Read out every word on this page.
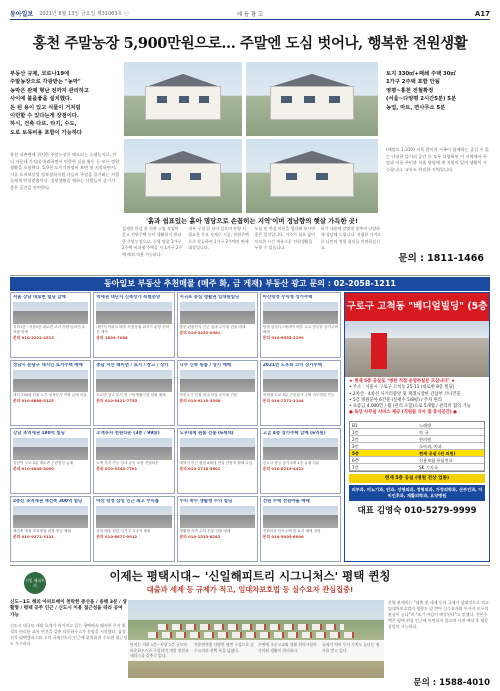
동아일보 2021년 8월 13일 금요일 제31063호 ⓒ	에 듬 광 고	A17
홍천 주말농장 5,900만원으로... 주말엔 도심 벗어나, 행복한 전원생활
부동산 규제, 코로나19에
주말농장으로 각광받는 "농막"
농막은 완제 형난 전까지 관리하고
사이에 불을좋을 설치했다.
돈 된 용이 있고 식물이 거처럼
이런할 수 있다는게 장점이다.
하시, 건축 다르. 타기, 수도,
도로 토목비용 포함이 가능하다
홍천 내촌면에 위치한 주말농장은 매도되는 소형농지로, 잔디 가운데 가격대 내려하면서 민준한 실술 활동 등 모든 정원생활을 포함했다. 5,9천 도시기반정비 보면 및 지불하면서, 시골 토지보상할 정보장하지원 사들의 주말을 즐기려는 사람들에게 안성맞춤이다. 전원생활을 원하는 사람들이 즐기기 좋은 공간을 마련한다.
토지 330㎡+패쇄 주택 30㎡
1가구 2주택 포함 안됨
영평~홍천 전철확정
(서울~다양평 2시간5분) 5분
농업, 마트, 면사무소 5분
(해발도 1,310) 지목 밭이며 가족이 함께하는 즐길 수 있는 다양한 뜰거리 공간 등 모두 다양화된 이 지역에서 주말과 이웃 주민과 서울 양평에 계 지원이 있어 생활이 가능합니다. 교통도 편리한 지역입니다.
'흙과 쉼표있는 흙아 명당으로 손꼽히는 지역'이며 정남향의 햇살 가득한 곳!

섬세한 마감 잘 진짜 스틸 작업이 좋고 전원주택 등이 생활하기 편리한 주말농장으로, 신평 명품 1가구 2주택 비과세 주택을 사 1가구 2주택 예외 적용 가능하다.

내부 구성 잘 되어 있으며 분양 시 필요한 주요 자재로 시공, 전원주택으로 분류하여 1가구 2주택의 면세 대상입니다.

도심 및 전철 이용을 생각해 보시면 좋은 입지입니다. 거주가 필요 없어 넉넉한 시간 여유로운 전원생활을 누릴 수 있습니다.

하기 내용에 알맞게 맞추며 다양하게 상담해 드립니다. 저렴한 가격으로 나만의 전원 쉼터를 마련하십시오.

문의 : 1811-1466
동아일보 부동산 추천매물 (매주 화, 금 게재) 부동산 광고 문의 : 02-2058-1211
서울 강남 대로변 빌딩 급매
지하1층~지상5층 대로변 코너 우량 임차인 수익률 안정
문의 010-2222-4513
역세권 대단지 신축상가 특별분양
대단지 아파트 배후 독점상권 최저가 분양 선착순 계약
문의 1899-7088
서귀포 중심 생활권 입대원빌딩
중문 관광단지 인근 임대 수익형 건물 매매
문의 010-3452-0981
아산탕정 수익형 상가주택
탕정 삼성디스플레이 배후 수요 풍부한 상가주택 매매
문의 010-6555-2299
성남시 분당구 대지인 토지주택 매매
대지 230평 건물 노후 신축부지 적합 급매 처분
문의 010-8888-5125
충남 서산 해미면 / 토지 / 창고 / 상가
도로변 창고 부지 및 근린생활시설 일괄 매매
문의 010-5421-7755
나주 신축 원룸 / 상가 매매
혁신도시 인접 임대 만실 수익형 건물
문의 010-9115-3398
2021년 노후화 코너 상가주택
역세권 도보 3분 근린상가 주택 리모델링 가능
문의 010-7272-1144
강남 초역세권 180억 빌딩
강남역 도보 2분 대로변 근린빌딩 급매
문의 010-4646-3000
소액투자 천원타운 (3층 / 99㎡)
소액 투자 가능 임대 수익 보장 전원타운
문의 010-3344-7761
노후대책 원룸 건물 (6세대)
대학가 인근 원룸 6세대 만실 안정적 월세 수입
문의 010-2718-5601
고급 4층 상가주택 급매 (6억원)
신도시 중심 상가주택 4층 급매 처분
문의 010-8219-4422
2층신 초역세권 재건축 300억 빌딩
재건축 예정 초역세권 대형 빌딩 매매
문의 010-9271-3131
아산 탕정 삼성 인근 최고 수익률
삼성 배후 원룸 다가구 고수익 매물
문의 010-6677-0912
수익 쪽수 생활형 수익 빌딩
생활형 숙박 수익 건물 일괄 매매
문의 010-1533-8282
전원 주택 전원마을 매매
전원마을 단독주택 및 토지 매매 상담
문의 010-5005-6006
구로구 고척동 "베디얼빌딩" (5층
★ 현재 5층 공실로 "병원 직접 운영하실분 모십니다" ★
• 주소 : 서울시 구로구 고척동 25-11 (대로변 8층 빌딩)
• 2차선 · 4차선 사거리중앙 및 재래시장한 간납부 코나건물
• 5층 병원분야 6건물 (실평수 5/8평) / 주차 편리
• 보증금 4,000만 / 월 (관리 포함)으로 5개월 / 관리비 협의 가능
● 육상 사무실 서비스 제공 (직원들 식사 및 휴식공간) ●
B1	노래방
1층	약 국
2층	한의원
3층	소아과, 치과
5층	현재 공실 (전 의원)
6층	신용보험 통합진료
7층	SK 기지국
현재 5층 공실 (병원 전상 업종)
피부과, 비뇨기과, 안과, 성형외과, 정형외과, 가정의학과, 산부인과, 이비인후과, 재활의학과, 요양병원
대표 김영숙 010-5279-9999
신일 해피트리
이제는 평택시대~ '신일해피트리 시그니처스' 평택 퀸칭
대출과 세제 등 규제가 적고, 임대차보호법 등 실수요자 관심집중!
신도~1도 해피 아파트베이 천락한 중산을 / 용해 3분 / 생활형 / 평택 공주 인근 / 신도시 이용 접근성을 따라 공여 가능
신도시 대규모 개발 호재가 이어지고 있는 평택에서 쾌적한 주거 환경과 편리한 교통 여건을 갖춘 타운하우스가 분양을 시작했다. 삼성전자 평택캠퍼스와 고덕 국제신도시 인근에 위치하며 수도권 접근성도 우수하다.	단지는 지하 1층~지상 2층 규모의 타운하우스로 구성되며 개별 정원과 테라스를 갖추고 있다.

전용면적별 다양한 평면 구성으로 실수요자의 선택 폭을 넓혔다.

주변에 초중고교와 생활 편의시설이 가까워 생활이 편리하다.

규제가 적어 투자 가치도 높다는 평가를 받고 있다.

분양 관계자는 "대출 및 세제 등의 규제가 상대적으로 적고 임대차보호법의 영향도 덜 받아 실수요자와 투자자 모두의 관심이 높다"며 "조기 마감이 예상된다"고 말했다. 견본주택은 평택 현장 인근에 마련되어 있으며 사전 예약 후 방문 상담이 가능하다.
문의 : 1588-4010
